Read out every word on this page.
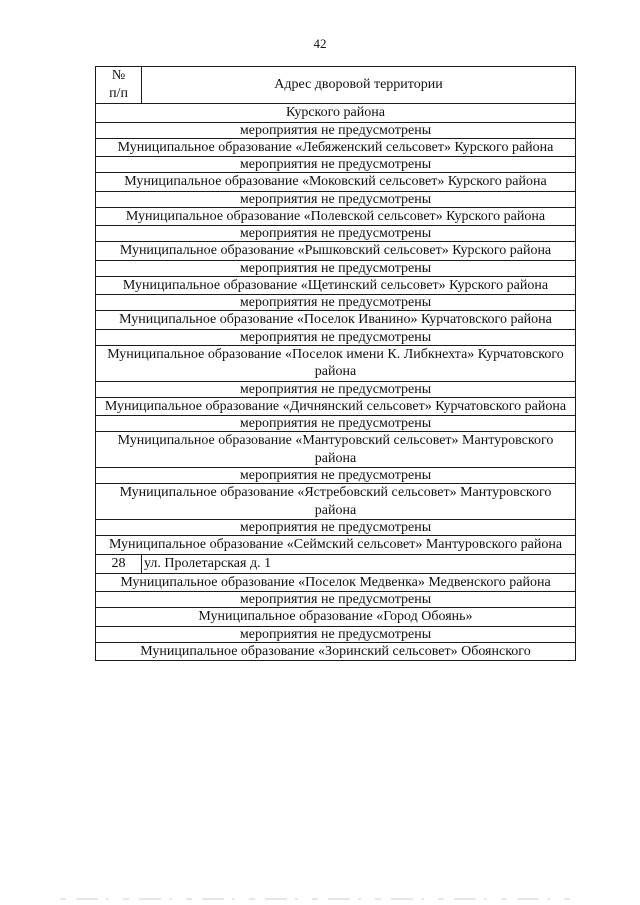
42
№
п/п	Адрес дворовой территории
Курского района	
мероприятия не предусмотрены	
Муниципальное образование «Лебяженский сельсовет» Курского района	
мероприятия не предусмотрены	
Муниципальное образование «Моковский сельсовет» Курского района	
мероприятия не предусмотрены	
Муниципальное образование «Полевской сельсовет» Курского района	
мероприятия не предусмотрены	
Муниципальное образование «Рышковский сельсовет» Курского района	
мероприятия не предусмотрены	
Муниципальное образование «Щетинский сельсовет» Курского района	
мероприятия не предусмотрены	
Муниципальное образование «Поселок Иванино» Курчатовского района	
мероприятия не предусмотрены	
Муниципальное образование «Поселок имени К. Либкнехта» Курчатовского района	
мероприятия не предусмотрены	
Муниципальное образование «Дичнянский сельсовет» Курчатовского района	
мероприятия не предусмотрены	
Муниципальное образование «Мантуровский сельсовет» Мантуровского района	
мероприятия не предусмотрены	
Муниципальное образование «Ястребовский сельсовет» Мантуровского района	
мероприятия не предусмотрены	
Муниципальное образование «Сеймский сельсовет» Мантуровского района	
28	ул. Пролетарская д. 1
Муниципальное образование «Поселок Медвенка» Медвенского района	
мероприятия не предусмотрены	
Муниципальное образование «Город Обоянь»	
мероприятия не предусмотрены	
Муниципальное образование «Зоринский сельсовет» Обоянского	
